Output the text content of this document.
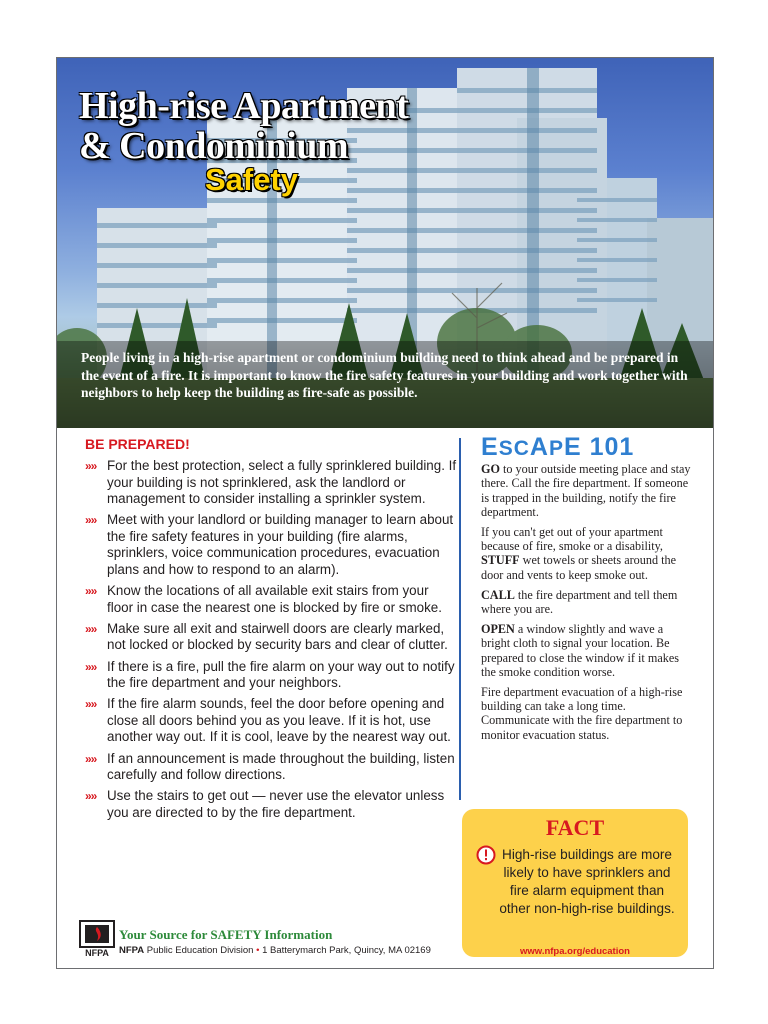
High-rise Apartment
& Condominium
Safety
People living in a high-rise apartment or condominium building need to think ahead and be prepared in the event of a fire. It is important to know the fire safety features in your building and work together with neighbors to help keep the building as fire-safe as possible.
BE PREPARED!
»» For the best protection, select a fully sprinklered building. If your building is not sprinklered, ask the landlord or management to consider installing a sprinkler system.
»» Meet with your landlord or building manager to learn about the fire safety features in your building (fire alarms, sprinklers, voice communication procedures, evacuation plans and how to respond to an alarm).
»» Know the locations of all available exit stairs from your floor in case the nearest one is blocked by fire or smoke.
»» Make sure all exit and stairwell doors are clearly marked, not locked or blocked by security bars and clear of clutter.
»» If there is a fire, pull the fire alarm on your way out to notify the fire department and your neighbors.
»» If the fire alarm sounds, feel the door before opening and close all doors behind you as you leave. If it is hot, use another way out. If it is cool, leave by the nearest way out.
»» If an announcement is made throughout the building, listen carefully and follow directions.
»» Use the stairs to get out — never use the elevator unless you are directed to by the fire department.
ESCAPE 101

GO to your outside meeting place and stay there. Call the fire department. If someone is trapped in the building, notify the fire department.

If you can't get out of your apartment because of fire, smoke or a disability, STUFF wet towels or sheets around the door and vents to keep smoke out.

CALL the fire department and tell them where you are.

OPEN a window slightly and wave a bright cloth to signal your location. Be prepared to close the window if it makes the smoke condition worse.

Fire department evacuation of a high-rise building can take a long time. Communicate with the fire department to monitor evacuation status.

FACT
High-rise buildings are more likely to have sprinklers and fire alarm equipment than other non-high-rise buildings.
www.nfpa.org/education
NFPA
Your Source for SAFETY Information
NFPA Public Education Division • 1 Batterymarch Park, Quincy, MA 02169
